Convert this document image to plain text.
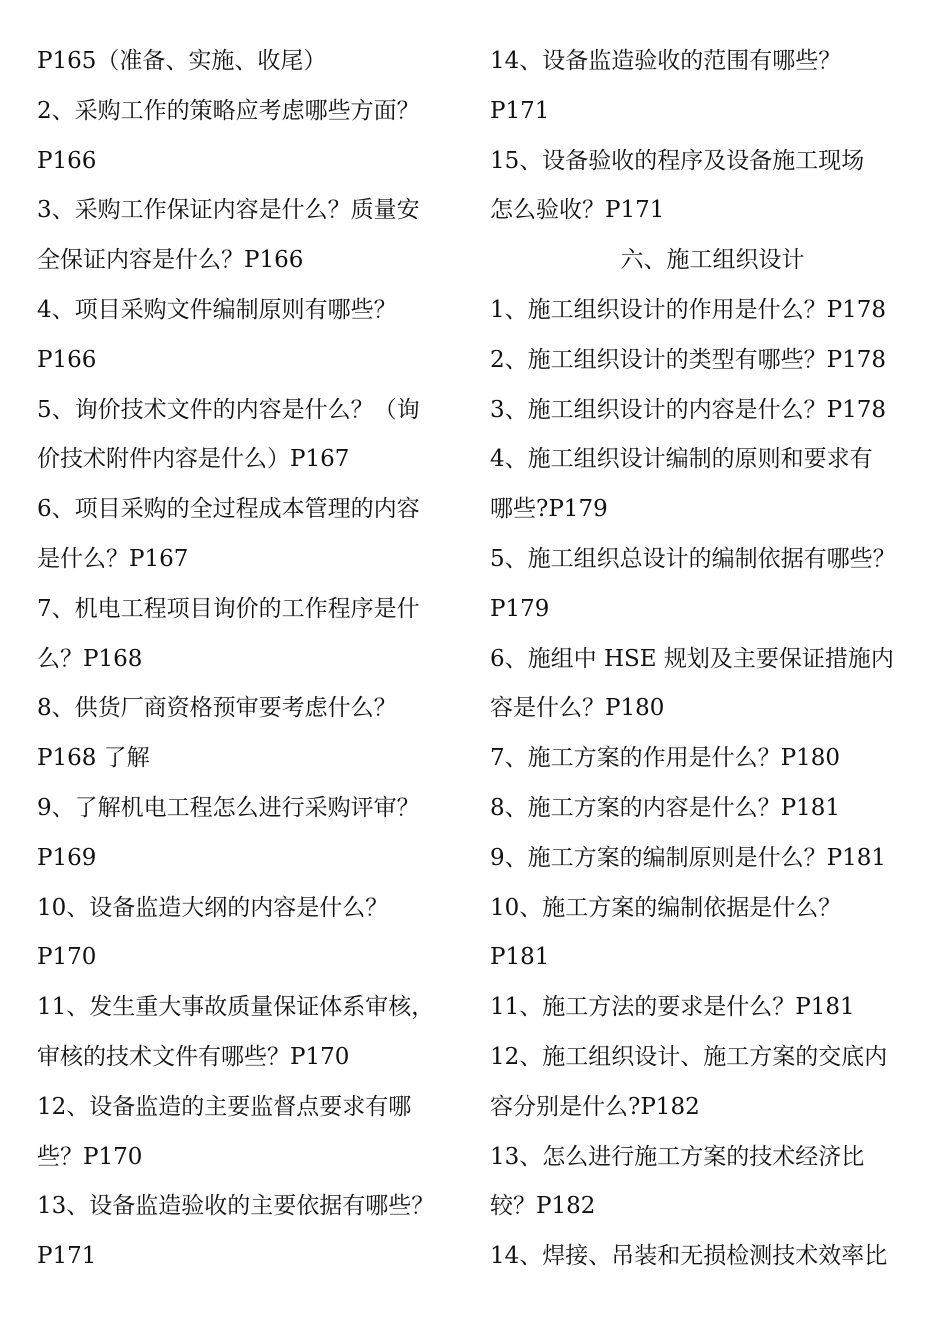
P165（准备、实施、收尾）
2、采购工作的策略应考虑哪些方面？
P166
3、采购工作保证内容是什么？质量安
全保证内容是什么？P166
4、项目采购文件编制原则有哪些？
P166
5、询价技术文件的内容是什么？（询
价技术附件内容是什么）P167
6、项目采购的全过程成本管理的内容
是什么？P167
7、机电工程项目询价的工作程序是什
么？P168
8、供货厂商资格预审要考虑什么？
P168 了解
9、了解机电工程怎么进行采购评审？
P169
10、设备监造大纲的内容是什么？
P170
11、发生重大事故质量保证体系审核，
审核的技术文件有哪些？P170
12、设备监造的主要监督点要求有哪
些？P170
13、设备监造验收的主要依据有哪些？
P171
14、设备监造验收的范围有哪些？
P171
15、设备验收的程序及设备施工现场
怎么验收？P171
六、施工组织设计
1、施工组织设计的作用是什么？P178
2、施工组织设计的类型有哪些？P178
3、施工组织设计的内容是什么？P178
4、施工组织设计编制的原则和要求有
哪些?P179
5、施工组织总设计的编制依据有哪些？
P179
6、施组中 HSE 规划及主要保证措施内
容是什么？P180
7、施工方案的作用是什么？P180
8、施工方案的内容是什么？P181
9、施工方案的编制原则是什么？P181
10、施工方案的编制依据是什么？
P181
11、施工方法的要求是什么？P181
12、施工组织设计、施工方案的交底内
容分别是什么?P182
13、怎么进行施工方案的技术经济比
较？P182
14、焊接、吊装和无损检测技术效率比
